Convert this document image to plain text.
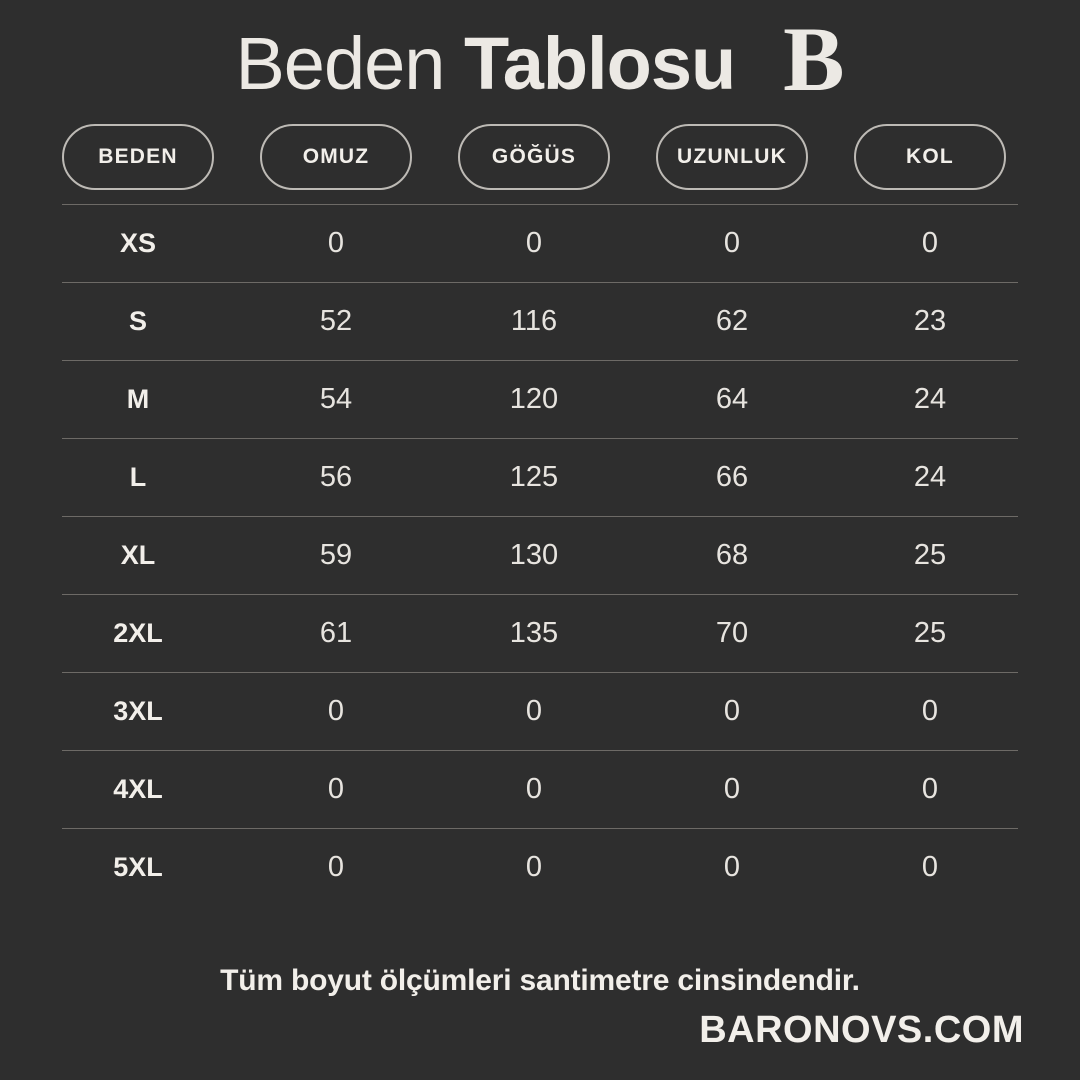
Beden Tablosu B
BEDEN	OMUZ	GÖĞÜS	UZUNLUK	KOL
XS	0	0	0	0
S	52	116	62	23
M	54	120	64	24
L	56	125	66	24
XL	59	130	68	25
2XL	61	135	70	25
3XL	0	0	0	0
4XL	0	0	0	0
5XL	0	0	0	0
Tüm boyut ölçümleri santimetre cinsindendir.
BARONOVS.COM
